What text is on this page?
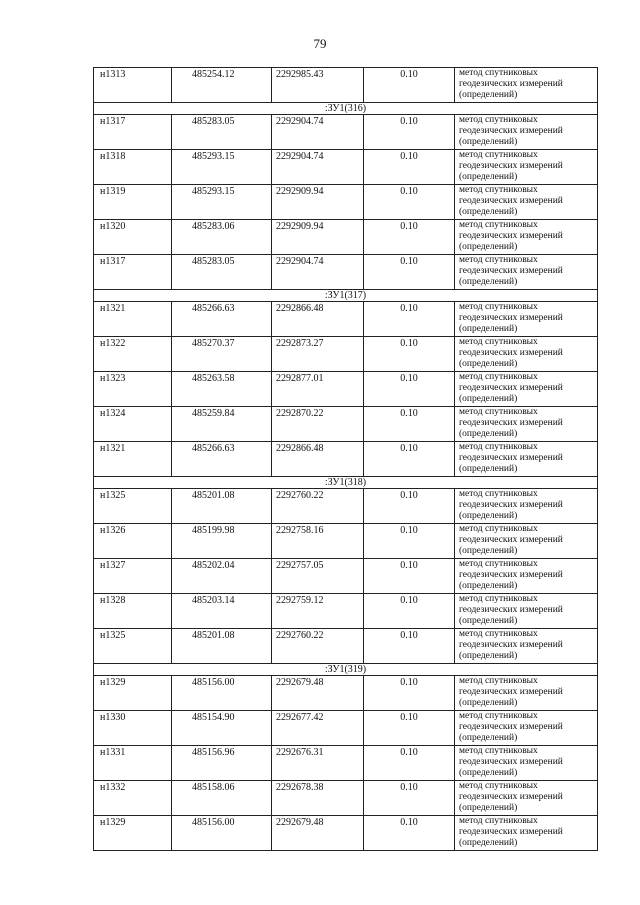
79
н1313	485254.12	2292985.43	0.10	метод спутниковых
геодезических измерений
(определений)

:ЗУ1(316)				
н1317	485283.05	2292904.74	0.10	метод спутниковых
геодезических измерений
(определений)

н1318	485293.15	2292904.74	0.10	метод спутниковых
геодезических измерений
(определений)

н1319	485293.15	2292909.94	0.10	метод спутниковых
геодезических измерений
(определений)

н1320	485283.06	2292909.94	0.10	метод спутниковых
геодезических измерений
(определений)

н1317	485283.05	2292904.74	0.10	метод спутниковых
геодезических измерений
(определений)

:ЗУ1(317)				
н1321	485266.63	2292866.48	0.10	метод спутниковых
геодезических измерений
(определений)

н1322	485270.37	2292873.27	0.10	метод спутниковых
геодезических измерений
(определений)

н1323	485263.58	2292877.01	0.10	метод спутниковых
геодезических измерений
(определений)

н1324	485259.84	2292870.22	0.10	метод спутниковых
геодезических измерений
(определений)

н1321	485266.63	2292866.48	0.10	метод спутниковых
геодезических измерений
(определений)

:ЗУ1(318)				
н1325	485201.08	2292760.22	0.10	метод спутниковых
геодезических измерений
(определений)

н1326	485199.98	2292758.16	0.10	метод спутниковых
геодезических измерений
(определений)

н1327	485202.04	2292757.05	0.10	метод спутниковых
геодезических измерений
(определений)

н1328	485203.14	2292759.12	0.10	метод спутниковых
геодезических измерений
(определений)

н1325	485201.08	2292760.22	0.10	метод спутниковых
геодезических измерений
(определений)

:ЗУ1(319)				
н1329	485156.00	2292679.48	0.10	метод спутниковых
геодезических измерений
(определений)

н1330	485154.90	2292677.42	0.10	метод спутниковых
геодезических измерений
(определений)

н1331	485156.96	2292676.31	0.10	метод спутниковых
геодезических измерений
(определений)

н1332	485158.06	2292678.38	0.10	метод спутниковых
геодезических измерений
(определений)

н1329	485156.00	2292679.48	0.10	метод спутниковых
геодезических измерений
(определений)
